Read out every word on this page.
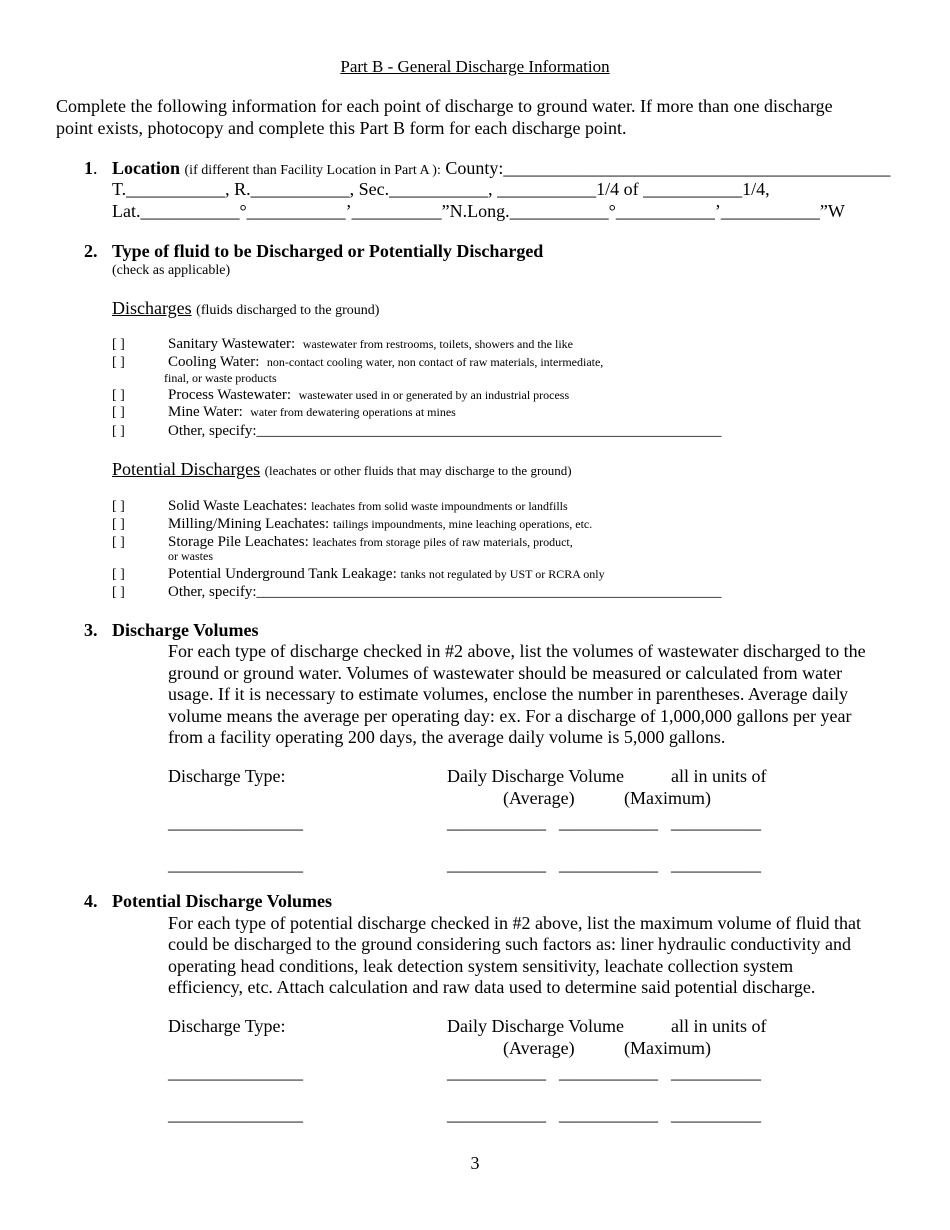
Part B - General Discharge Information
Complete the following information for each point of discharge to ground water. If more than one discharge
point exists, photocopy and complete this Part B form for each discharge point.
1. Location (if different than Facility Location in Part A ): County:___________________________________________
T.___________, R.___________, Sec.___________, ___________1/4 of ___________1/4,
Lat.___________°___________’__________”N.Long.___________°___________’___________”W
2. Type of fluid to be Discharged or Potentially Discharged
(check as applicable)
Discharges (fluids discharged to the ground)
[ ]	Sanitary Wastewater: wastewater from restrooms, toilets, showers and the like
[ ]	Cooling Water: non-contact cooling water, non contact of raw materials, intermediate,
final, or waste products
[ ]	Process Wastewater: wastewater used in or generated by an industrial process
[ ]	Mine Water: water from dewatering operations at mines
[ ]	Other, specify:______________________________________________________________
Potential Discharges (leachates or other fluids that may discharge to the ground)
[ ]	Solid Waste Leachates: leachates from solid waste impoundments or landfills
[ ]	Milling/Mining Leachates: tailings impoundments, mine leaching operations, etc.
[ ]	Storage Pile Leachates: leachates from storage piles of raw materials, product,
or wastes
[ ]	Potential Underground Tank Leakage: tanks not regulated by UST or RCRA only
[ ]	Other, specify:______________________________________________________________
3. Discharge Volumes
For each type of discharge checked in #2 above, list the volumes of wastewater discharged to the
ground or ground water. Volumes of wastewater should be measured or calculated from water
usage. If it is necessary to estimate volumes, enclose the number in parentheses. Average daily
volume means the average per operating day: ex. For a discharge of 1,000,000 gallons per year
from a facility operating 200 days, the average daily volume is 5,000 gallons.
Discharge Type:	Daily Discharge Volume	all in units of
(Average)	(Maximum)
_______________	___________ ___________ __________
_______________	___________ ___________ __________
4. Potential Discharge Volumes
For each type of potential discharge checked in #2 above, list the maximum volume of fluid that
could be discharged to the ground considering such factors as: liner hydraulic conductivity and
operating head conditions, leak detection system sensitivity, leachate collection system
efficiency, etc. Attach calculation and raw data used to determine said potential discharge.
Discharge Type:	Daily Discharge Volume	all in units of
(Average)	(Maximum)
_______________	___________ ___________ __________
_______________	___________ ___________ __________
3
